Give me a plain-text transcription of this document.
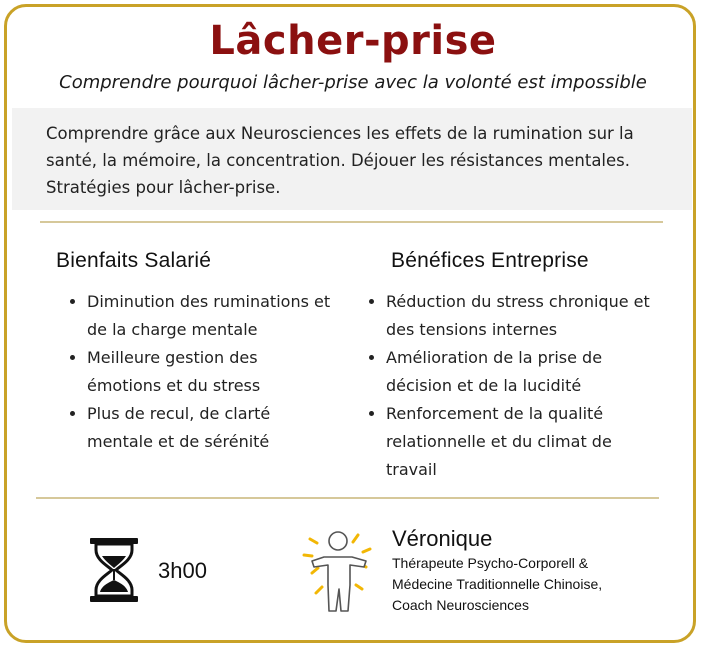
Lâcher-prise
Comprendre pourquoi lâcher-prise avec la volonté est impossible
Comprendre grâce aux Neurosciences les effets de la rumination sur la
santé, la mémoire, la concentration. Déjouer les résistances mentales.
Stratégies pour lâcher-prise.
Bienfaits Salarié	Bénéfices Entreprise
• Diminution des ruminations et
de la charge mentale
• Meilleure gestion des
émotions et du stress
• Plus de recul, de clarté
mentale et de sérénité
• Réduction du stress chronique et
des tensions internes
• Amélioration de la prise de
décision et de la lucidité
• Renforcement de la qualité
relationnelle et du climat de
travail
3h00
Véronique
Thérapeute Psycho-Corporell &
Médecine Traditionnelle Chinoise,
Coach Neurosciences
